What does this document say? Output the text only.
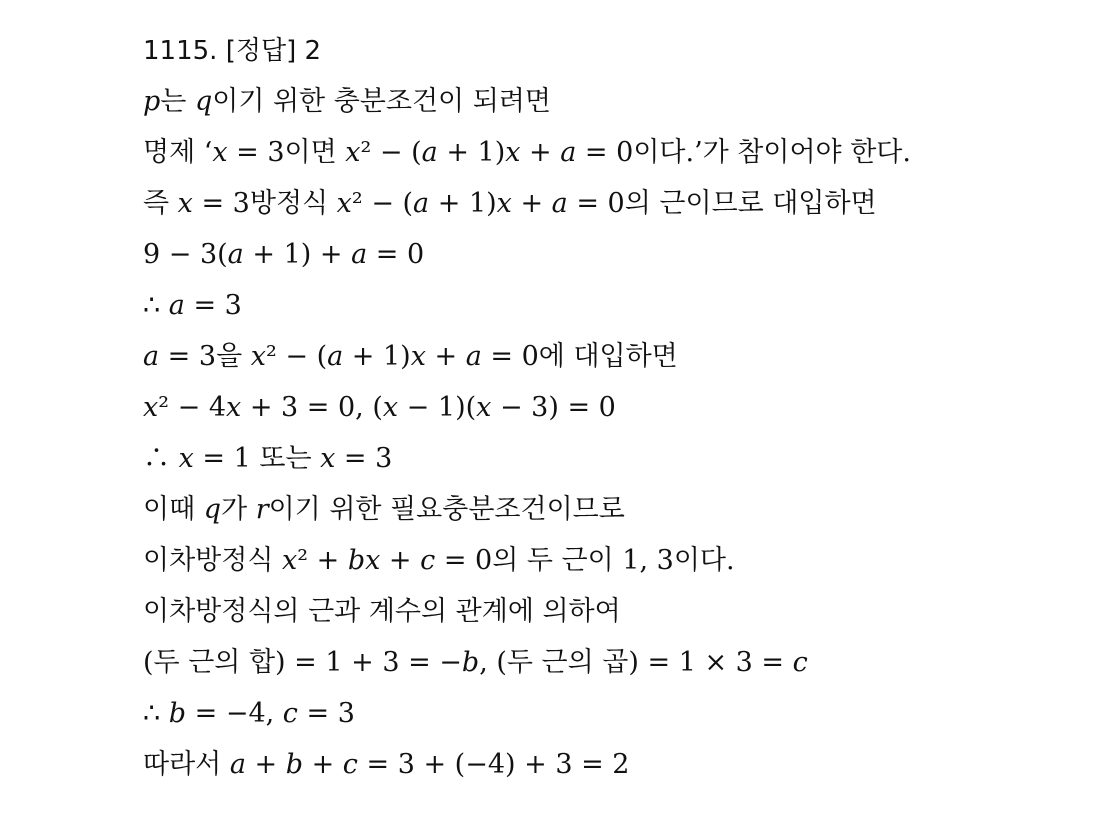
1115. [정답] 2
𝑝는 𝑞이기 위한 충분조건이 되려면
명제 ‘𝑥 = 3이면 𝑥² − (𝑎 + 1)𝑥 + 𝑎 = 0이다.’가 참이어야 한다.
즉 𝑥 = 3방정식 𝑥² − (𝑎 + 1)𝑥 + 𝑎 = 0의 근이므로 대입하면
9 − 3(𝑎 + 1) + 𝑎 = 0
∴ 𝑎 = 3
𝑎 = 3을 𝑥² − (𝑎 + 1)𝑥 + 𝑎 = 0에 대입하면
𝑥² − 4𝑥 + 3 = 0, (𝑥 − 1)(𝑥 − 3) = 0
∴ 𝑥 = 1 또는 𝑥 = 3
이때 𝑞가 𝑟이기 위한 필요충분조건이므로
이차방정식 𝑥² + 𝑏𝑥 + 𝑐 = 0의 두 근이 1, 3이다.
이차방정식의 근과 계수의 관계에 의하여
(두 근의 합) = 1 + 3 = −𝑏, (두 근의 곱) = 1 × 3 = 𝑐
∴ 𝑏 = −4, 𝑐 = 3
따라서 𝑎 + 𝑏 + 𝑐 = 3 + (−4) + 3 = 2
